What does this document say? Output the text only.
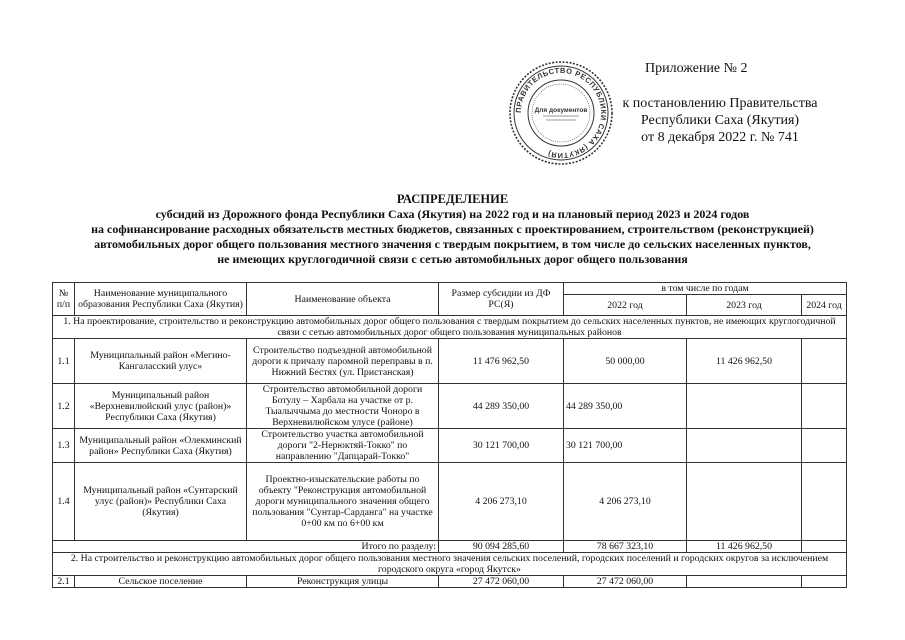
ПРАВИТЕЛЬСТВО РЕСПУБЛИКИ САХА (ЯКУТИЯ)
Для документов
Приложение № 2
к постановлению Правительства
Республики Саха (Якутия)
от 8 декабря 2022 г. № 741
РАСПРЕДЕЛЕНИЕ
субсидий из Дорожного фонда Республики Саха (Якутия) на 2022 год и на плановый период 2023 и 2024 годов
на софинансирование расходных обязательств местных бюджетов, связанных с проектированием, строительством (реконструкцией)
автомобильных дорог общего пользования местного значения с твердым покрытием, в том числе до сельских населенных пунктов,
не имеющих круглогодичной связи с сетью автомобильных дорог общего пользования
№ п/п	Наименование муниципального образования Республики Саха (Якутия)	Наименование объекта	Размер субсидии из ДФ РС(Я)	в том числе по годам		
				2022 год	2023 год	2024 год
1. На проектирование, строительство и реконструкцию автомобильных дорог общего пользования с твердым покрытием до сельских населенных пунктов, не имеющих круглогодичной связи с сетью автомобильных дорог общего пользования муниципальных районов						
1.1	Муниципальный район «Мегино-Кангаласский улус»	Строительство подъездной автомобильной дороги к причалу паромной переправы в п. Нижний Бестях (ул. Пристанская)	11 476 962,50	50 000,00	11 426 962,50	
1.2	Муниципальный район «Верхневилюйский улус (район)» Республики Саха (Якутия)	Строительство автомобильной дороги Ботулу – Харбала на участке от р. Тыалыччыма до местности Чоноро в Верхневилюйском улусе (районе)	44 289 350,00	44 289 350,00		
1.3	Муниципальный район «Олекминский район» Республики Саха (Якутия)	Строительство участка автомобильной дороги "2-Нерюктяй-Токко" по направлению "Дапцарай-Токко"	30 121 700,00	30 121 700,00		
1.4	Муниципальный район «Сунтарский улус (район)» Республики Саха (Якутия)	Проектно-изыскательские работы по объекту "Реконструкция автомобильной дороги муниципального значения общего пользования "Сунтар-Сарданга" на участке 0+00 км по 6+00 км	4 206 273,10	4 206 273,10		
Итого по разделу:			90 094 285,60	78 667 323,10	11 426 962,50	
2. На строительство и реконструкцию автомобильных дорог общего пользования местного значения сельских поселений, городских поселений и городских округов за исключением городского округа «город Якутск»						
2.1	Сельское поселение	Реконструкция улицы	27 472 060,00	27 472 060,00		
